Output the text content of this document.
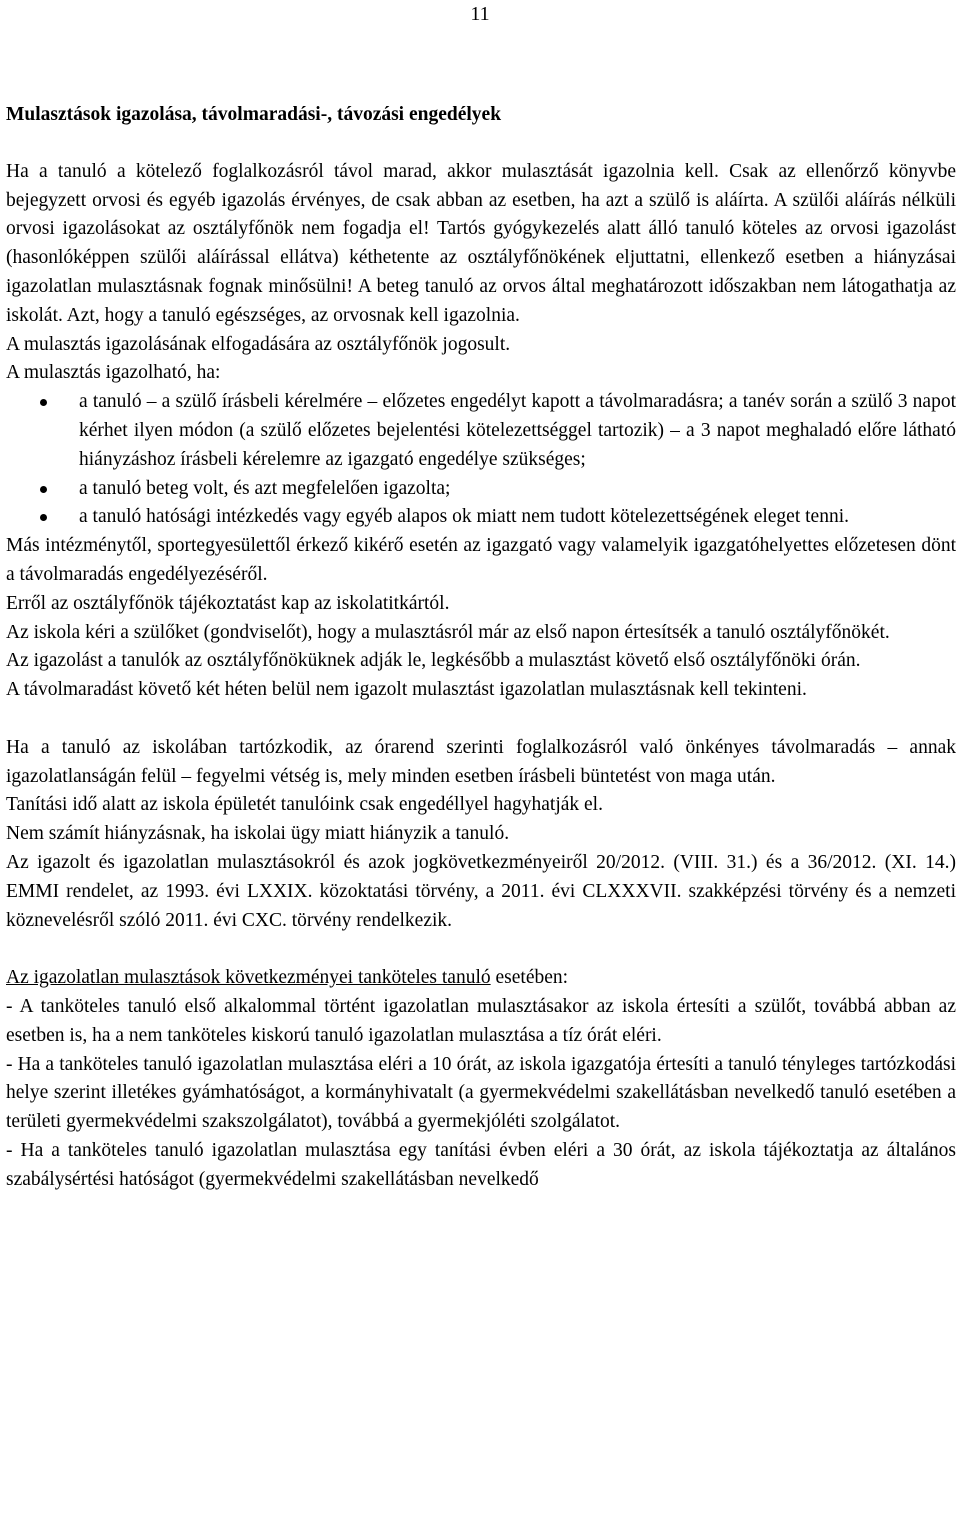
11
Mulasztások igazolása, távolmaradási-, távozási engedélyek

Ha a tanuló a kötelező foglalkozásról távol marad, akkor mulasztását igazolnia kell. Csak az ellenőrző könyvbe bejegyzett orvosi és egyéb igazolás érvényes, de csak abban az esetben, ha azt a szülő is aláírta. A szülői aláírás nélküli orvosi igazolásokat az osztályfőnök nem fogadja el! Tartós gyógykezelés alatt álló tanuló köteles az orvosi igazolást (hasonlóképpen szülői aláírással ellátva) kéthetente az osztályfőnökének eljuttatni, ellenkező esetben a hiányzásai igazolatlan mulasztásnak fognak minősülni! A beteg tanuló az orvos által meghatározott időszakban nem látogathatja az iskolát. Azt, hogy a tanuló egészséges, az orvosnak kell igazolnia.

A mulasztás igazolásának elfogadására az osztályfőnök jogosult.

A mulasztás igazolható, ha:

a tanuló – a szülő írásbeli kérelmére – előzetes engedélyt kapott a távolmaradásra; a tanév során a szülő 3 napot kérhet ilyen módon (a szülő előzetes bejelentési kötelezettséggel tartozik) – a 3 napot meghaladó előre látható hiányzáshoz írásbeli kérelemre az igazgató engedélye szükséges;
a tanuló beteg volt, és azt megfelelően igazolta;
a tanuló hatósági intézkedés vagy egyéb alapos ok miatt nem tudott kötelezettségének eleget tenni.

Más intézménytől, sportegyesülettől érkező kikérő esetén az igazgató vagy valamelyik igazgatóhelyettes előzetesen dönt a távolmaradás engedélyezéséről.

Erről az osztályfőnök tájékoztatást kap az iskolatitkártól.

Az iskola kéri a szülőket (gondviselőt), hogy a mulasztásról már az első napon értesítsék a tanuló osztályfőnökét.

Az igazolást a tanulók az osztályfőnöküknek adják le, legkésőbb a mulasztást követő első osztályfőnöki órán.

A távolmaradást követő két héten belül nem igazolt mulasztást igazolatlan mulasztásnak kell tekinteni.

Ha a tanuló az iskolában tartózkodik, az órarend szerinti foglalkozásról való önkényes távolmaradás – annak igazolatlanságán felül – fegyelmi vétség is, mely minden esetben írásbeli büntetést von maga után.

Tanítási idő alatt az iskola épületét tanulóink csak engedéllyel hagyhatják el.

Nem számít hiányzásnak, ha iskolai ügy miatt hiányzik a tanuló.

Az igazolt és igazolatlan mulasztásokról és azok jogkövetkezményeiről 20/2012. (VIII. 31.) és a 36/2012. (XI. 14.) EMMI rendelet, az 1993. évi LXXIX. közoktatási törvény, a 2011. évi CLXXXVII. szakképzési törvény és a nemzeti köznevelésről szóló 2011. évi CXC. törvény rendelkezik.

Az igazolatlan mulasztások következményei tanköteles tanuló esetében:

- A tanköteles tanuló első alkalommal történt igazolatlan mulasztásakor az iskola értesíti a szülőt, továbbá abban az esetben is, ha a nem tanköteles kiskorú tanuló igazolatlan mulasztása a tíz órát eléri.

- Ha a tanköteles tanuló igazolatlan mulasztása eléri a 10 órát, az iskola igazgatója értesíti a tanuló tényleges tartózkodási helye szerint illetékes gyámhatóságot, a kormányhivatalt (a gyermekvédelmi szakellátásban nevelkedő tanuló esetében a területi gyermekvédelmi szakszolgálatot), továbbá a gyermekjóléti szolgálatot.

- Ha a tanköteles tanuló igazolatlan mulasztása egy tanítási évben eléri a 30 órát, az iskola tájékoztatja az általános szabálysértési hatóságot (gyermekvédelmi szakellátásban nevelkedő
